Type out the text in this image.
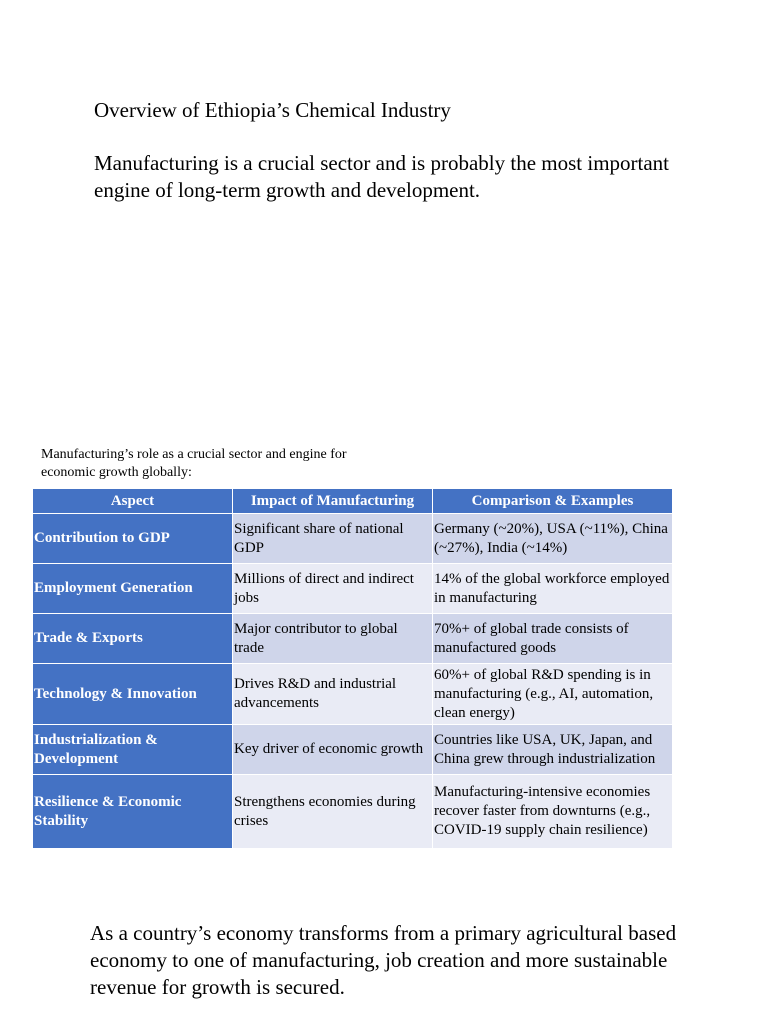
Overview of Ethiopia’s Chemical Industry
Manufacturing is a crucial sector and is probably the most important engine of long-term growth and development.
Manufacturing’s role as a crucial sector and engine for economic growth globally:
Aspect	Impact of Manufacturing	Comparison & Examples
Contribution to GDP	Significant share of national GDP	Germany (~20%), USA (~11%), China (~27%), India (~14%)
Employment Generation	Millions of direct and indirect jobs	14% of the global workforce employed in manufacturing
Trade & Exports	Major contributor to global trade	70%+ of global trade consists of manufactured goods
Technology & Innovation	Drives R&D and industrial advancements	60%+ of global R&D spending is in manufacturing (e.g., AI, automation, clean energy)
Industrialization & Development	Key driver of economic growth	Countries like USA, UK, Japan, and China grew through industrialization
Resilience & Economic Stability	Strengthens economies during crises	Manufacturing-intensive economies recover faster from downturns (e.g., COVID-19 supply chain resilience)
As a country’s economy transforms from a primary agricultural based economy to one of manufacturing, job creation and more sustainable revenue for growth is secured.
